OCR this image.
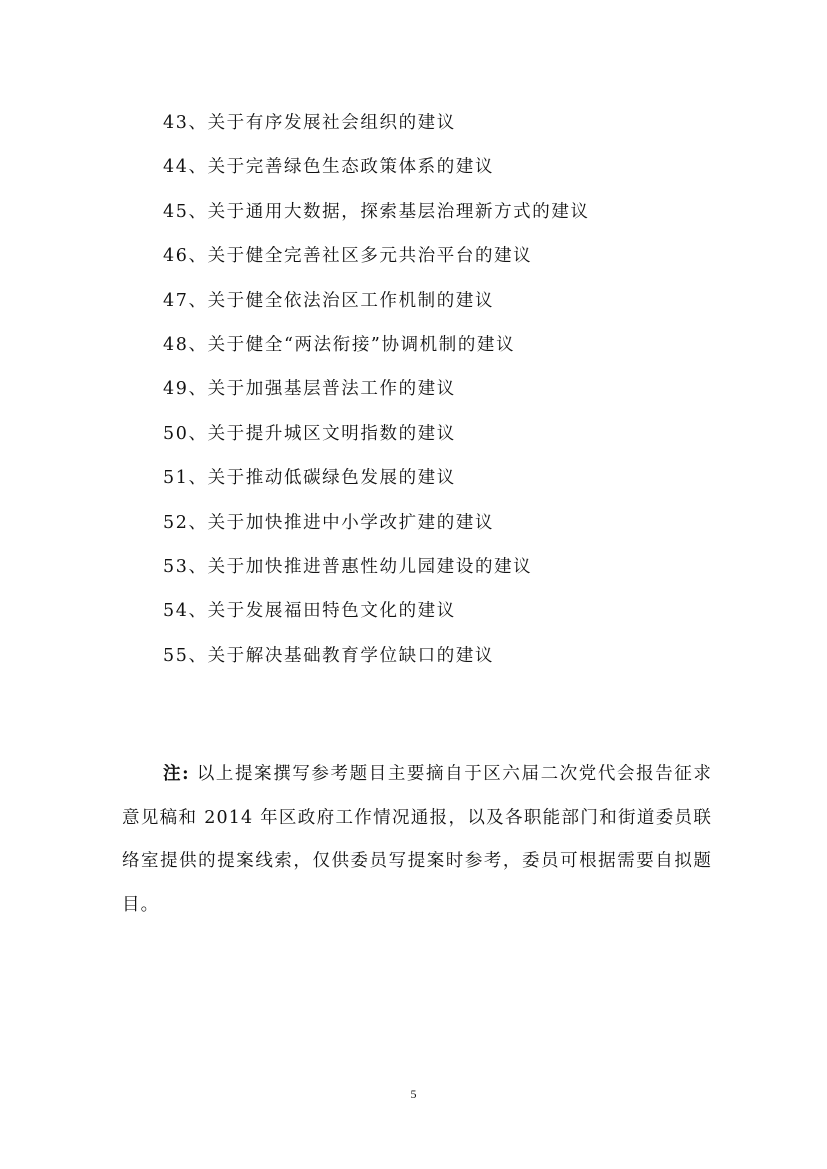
43、关于有序发展社会组织的建议
44、关于完善绿色生态政策体系的建议
45、关于通用大数据，探索基层治理新方式的建议
46、关于健全完善社区多元共治平台的建议
47、关于健全依法治区工作机制的建议
48、关于健全“两法衔接”协调机制的建议
49、关于加强基层普法工作的建议
50、关于提升城区文明指数的建议
51、关于推动低碳绿色发展的建议
52、关于加快推进中小学改扩建的建议
53、关于加快推进普惠性幼儿园建设的建议
54、关于发展福田特色文化的建议
55、关于解决基础教育学位缺口的建议
注: 以上提案撰写参考题目主要摘自于区六届二次党代会报告征求意见稿和 2014 年区政府工作情况通报，以及各职能部门和街道委员联络室提供的提案线索，仅供委员写提案时参考，委员可根据需要自拟题目。
5
